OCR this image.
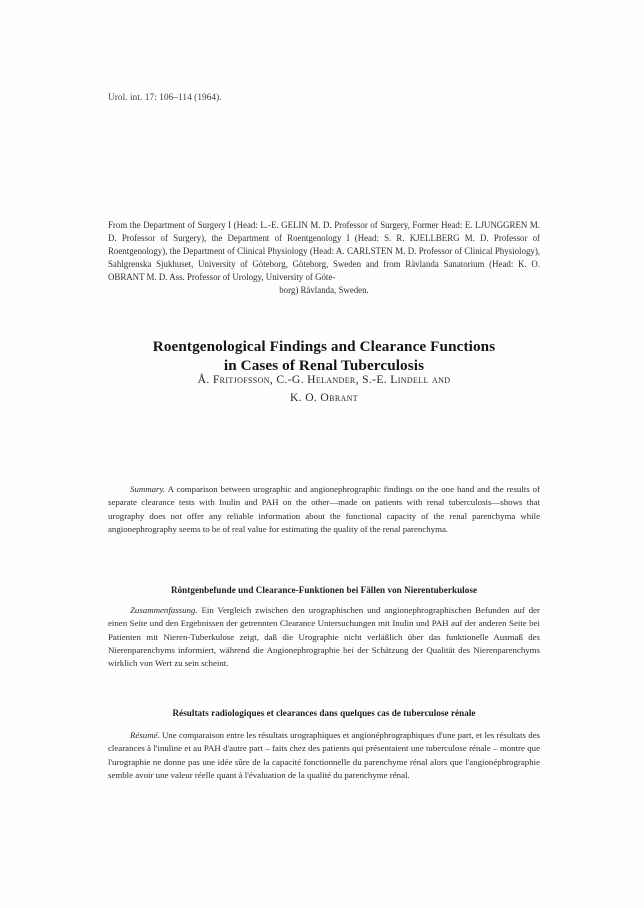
Urol. int. 17: 106–114 (1964).
From the Department of Surgery I (Head: L.-E. GELIN M. D. Professor of Surgery, Former Head: E. LJUNGGREN M. D. Professor of Surgery), the Department of Roentgenology I (Head: S. R. KJELLBERG M. D. Professor of Roentgenology), the Department of Clinical Physiology (Head: A. CARLSTEN M. D. Professor of Clinical Physiology), Sahlgrenska Sjukhuset, University of Göteborg, Göteborg, Sweden and from Rävlanda Sanatorium (Head: K. O. OBRANT M. D. Ass. Professor of Urology, University of Göte-
borg) Rävlanda, Sweden.
Roentgenological Findings and Clearance Functions
in Cases of Renal Tuberculosis
Å. Fritjofsson, C.-G. Helander, S.-E. Lindell and
K. O. Obrant

Summary. A comparison between urographic and angionephrographic findings on the one hand and the results of separate clearance tests with Inulin and PAH on the other—made on patients with renal tuberculosis—shows that urography does not offer any reliable information about the functional capacity of the renal parenchyma while angionephrography seems to be of real value for estimating the quality of the renal parenchyma.

Röntgenbefunde und Clearance-Funktionen bei Fällen von Nierentuberkulose

Zusammenfassung. Ein Vergleich zwischen den urographischen und angionephrographischen Befunden auf der einen Seite und den Ergebnissen der getrennten Clearance Untersuchungen mit Inulin und PAH auf der anderen Seite bei Patienten mit Nieren-Tuberkulose zeigt, daß die Urographie nicht verläßlich über das funktionelle Ausmaß des Nierenparenchyms informiert, während die Angionephrographie bei der Schätzung der Qualität des Nierenparenchyms wirklich von Wert zu sein scheint.

Résultats radiologiques et clearances dans quelques cas de tuberculose rénale

Résumé. Une comparaison entre les résultats urographiques et angionéphrographiques d'une part, et les résultats des clearances à l'inuline et au PAH d'autre part – faits chez des patients qui présentaient une tuberculose rénale – montre que l'urographie ne donne pas une idée sûre de la capacité fonctionnelle du parenchyme rénal alors que l'angionéphrographie semble avoir une valeur réelle quant à l'évaluation de la qualité du parenchyme rénal.
